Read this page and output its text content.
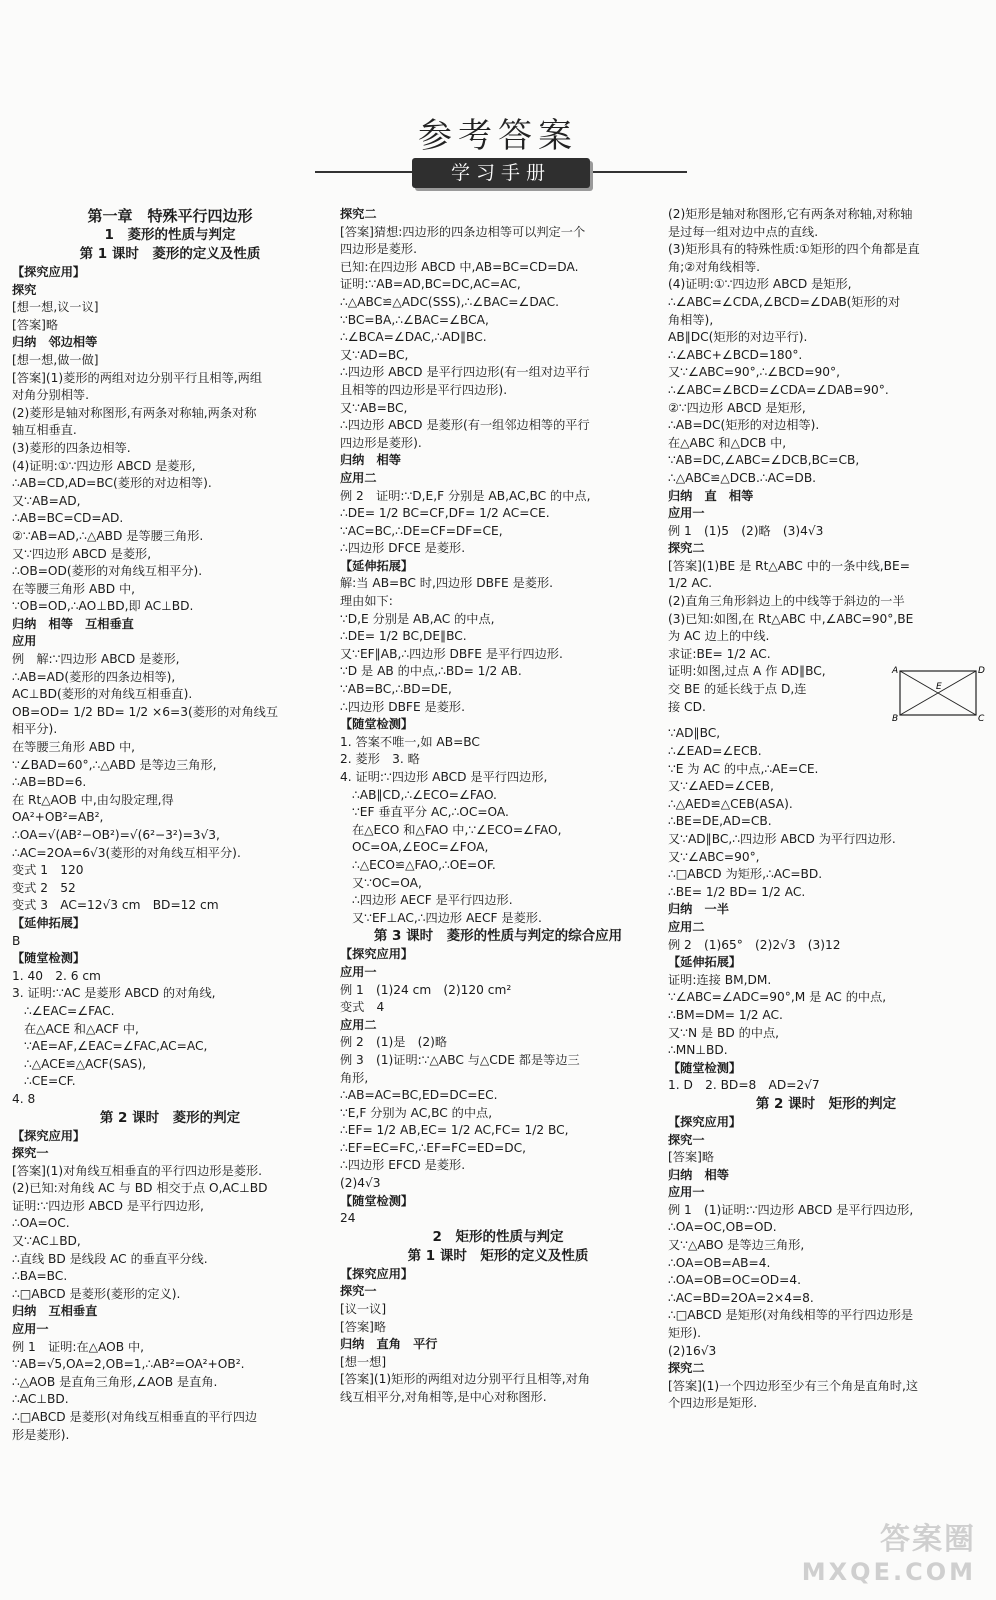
参考答案
学习手册
第一章　特殊平行四边形
1　菱形的性质与判定
第 1 课时　菱形的定义及性质
【探究应用】
探究
[想一想,议一议]
[答案]略
归纳　邻边相等
[想一想,做一做]
[答案](1)菱形的两组对边分别平行且相等,两组
对角分别相等.
(2)菱形是轴对称图形,有两条对称轴,两条对称
轴互相垂直.
(3)菱形的四条边相等.
(4)证明:①∵四边形 ABCD 是菱形,
∴AB=CD,AD=BC(菱形的对边相等).
又∵AB=AD,
∴AB=BC=CD=AD.
②∵AB=AD,∴△ABD 是等腰三角形.
又∵四边形 ABCD 是菱形,
∴OB=OD(菱形的对角线互相平分).
在等腰三角形 ABD 中,
∵OB=OD,∴AO⊥BD,即 AC⊥BD.
归纳　相等　互相垂直
应用
例　解:∵四边形 ABCD 是菱形,
∴AB=AD(菱形的四条边相等),
AC⊥BD(菱形的对角线互相垂直).
OB=OD= 1/2 BD= 1/2 ×6=3(菱形的对角线互
相平分).
在等腰三角形 ABD 中,
∵∠BAD=60°,∴△ABD 是等边三角形,
∴AB=BD=6.
在 Rt△AOB 中,由勾股定理,得
OA²+OB²=AB²,
∴OA=√(AB²−OB²)=√(6²−3²)=3√3,
∴AC=2OA=6√3(菱形的对角线互相平分).
变式 1　120
变式 2　52
变式 3　AC=12√3 cm　BD=12 cm
【延伸拓展】
B
【随堂检测】
1. 40　2. 6 cm
3. 证明:∵AC 是菱形 ABCD 的对角线,
∴∠EAC=∠FAC.
在△ACE 和△ACF 中,
∵AE=AF,∠EAC=∠FAC,AC=AC,
∴△ACE≌△ACF(SAS),
∴CE=CF.
4. 8
第 2 课时　菱形的判定
【探究应用】
探究一
[答案](1)对角线互相垂直的平行四边形是菱形.
(2)已知:对角线 AC 与 BD 相交于点 O,AC⊥BD
证明:∵四边形 ABCD 是平行四边形,
∴OA=OC.
又∵AC⊥BD,
∴直线 BD 是线段 AC 的垂直平分线.
∴BA=BC.
∴□ABCD 是菱形(菱形的定义).
归纳　互相垂直
应用一
例 1　证明:在△AOB 中,
∵AB=√5,OA=2,OB=1,∴AB²=OA²+OB².
∴△AOB 是直角三角形,∠AOB 是直角.
∴AC⊥BD.
∴□ABCD 是菱形(对角线互相垂直的平行四边
形是菱形).
探究二
[答案]猜想:四边形的四条边相等可以判定一个
四边形是菱形.
已知:在四边形 ABCD 中,AB=BC=CD=DA.
证明:∵AB=AD,BC=DC,AC=AC,
∴△ABC≌△ADC(SSS),∴∠BAC=∠DAC.
∵BC=BA,∴∠BAC=∠BCA,
∴∠BCA=∠DAC,∴AD∥BC.
又∵AD=BC,
∴四边形 ABCD 是平行四边形(有一组对边平行
且相等的四边形是平行四边形).
又∵AB=BC,
∴四边形 ABCD 是菱形(有一组邻边相等的平行
四边形是菱形).
归纳　相等
应用二
例 2　证明:∵D,E,F 分别是 AB,AC,BC 的中点,
∴DE= 1/2 BC=CF,DF= 1/2 AC=CE.
∵AC=BC,∴DE=CF=DF=CE,
∴四边形 DFCE 是菱形.
【延伸拓展】
解:当 AB=BC 时,四边形 DBFE 是菱形.
理由如下:
∵D,E 分别是 AB,AC 的中点,
∴DE= 1/2 BC,DE∥BC.
又∵EF∥AB,∴四边形 DBFE 是平行四边形.
∵D 是 AB 的中点,∴BD= 1/2 AB.
∵AB=BC,∴BD=DE,
∴四边形 DBFE 是菱形.
【随堂检测】
1. 答案不唯一,如 AB=BC
2. 菱形　3. 略
4. 证明:∵四边形 ABCD 是平行四边形,
∴AB∥CD,∴∠ECO=∠FAO.
∵EF 垂直平分 AC,∴OC=OA.
在△ECO 和△FAO 中,∵∠ECO=∠FAO,
OC=OA,∠EOC=∠FOA,
∴△ECO≌△FAO,∴OE=OF.
又∵OC=OA,
∴四边形 AECF 是平行四边形.
又∵EF⊥AC,∴四边形 AECF 是菱形.
第 3 课时　菱形的性质与判定的综合应用
【探究应用】
应用一
例 1　(1)24 cm　(2)120 cm²
变式　4
应用二
例 2　(1)是　(2)略
例 3　(1)证明:∵△ABC 与△CDE 都是等边三
角形,
∴AB=AC=BC,ED=DC=EC.
∵E,F 分别为 AC,BC 的中点,
∴EF= 1/2 AB,EC= 1/2 AC,FC= 1/2 BC,
∴EF=EC=FC,∴EF=FC=ED=DC,
∴四边形 EFCD 是菱形.
(2)4√3
【随堂检测】
24
2　矩形的性质与判定
第 1 课时　矩形的定义及性质
【探究应用】
探究一
[议一议]
[答案]略
归纳　直角　平行
[想一想]
[答案](1)矩形的两组对边分别平行且相等,对角
线互相平分,对角相等,是中心对称图形.
(2)矩形是轴对称图形,它有两条对称轴,对称轴
是过每一组对边中点的直线.
(3)矩形具有的特殊性质:①矩形的四个角都是直
角;②对角线相等.
(4)证明:①∵四边形 ABCD 是矩形,
∴∠ABC=∠CDA,∠BCD=∠DAB(矩形的对
角相等),
AB∥DC(矩形的对边平行).
∴∠ABC+∠BCD=180°.
又∵∠ABC=90°,∴∠BCD=90°,
∴∠ABC=∠BCD=∠CDA=∠DAB=90°.
②∵四边形 ABCD 是矩形,
∴AB=DC(矩形的对边相等).
在△ABC 和△DCB 中,
∵AB=DC,∠ABC=∠DCB,BC=CB,
∴△ABC≌△DCB.∴AC=DB.
归纳　直　相等
应用一
例 1　(1)5　(2)略　(3)4√3
探究二
[答案](1)BE 是 Rt△ABC 中的一条中线,BE=
1/2 AC.
(2)直角三角形斜边上的中线等于斜边的一半
(3)已知:如图,在 Rt△ABC 中,∠ABC=90°,BE
为 AC 边上的中线.
求证:BE= 1/2 AC.
A	D
E
B	C
证明:如图,过点 A 作 AD∥BC,
交 BE 的延长线于点 D,连
接 CD.
∵AD∥BC,
∴∠EAD=∠ECB.
∵E 为 AC 的中点,∴AE=CE.
又∵∠AED=∠CEB,
∴△AED≌△CEB(ASA).
∴BE=DE,AD=CB.
又∵AD∥BC,∴四边形 ABCD 为平行四边形.
又∵∠ABC=90°,
∴□ABCD 为矩形,∴AC=BD.
∴BE= 1/2 BD= 1/2 AC.
归纳　一半
应用二
例 2　(1)65°　(2)2√3　(3)12
【延伸拓展】
证明:连接 BM,DM.
∵∠ABC=∠ADC=90°,M 是 AC 的中点,
∴BM=DM= 1/2 AC.
又∵N 是 BD 的中点,
∴MN⊥BD.
【随堂检测】
1. D　2. BD=8　AD=2√7
第 2 课时　矩形的判定
【探究应用】
探究一
[答案]略
归纳　相等
应用一
例 1　(1)证明:∵四边形 ABCD 是平行四边形,
∴OA=OC,OB=OD.
又∵△ABO 是等边三角形,
∴OA=OB=AB=4.
∴OA=OB=OC=OD=4.
∴AC=BD=2OA=2×4=8.
∴□ABCD 是矩形(对角线相等的平行四边形是
矩形).
(2)16√3
探究二
[答案](1)一个四边形至少有三个角是直角时,这
个四边形是矩形.
答案圈
MXQE.COM
